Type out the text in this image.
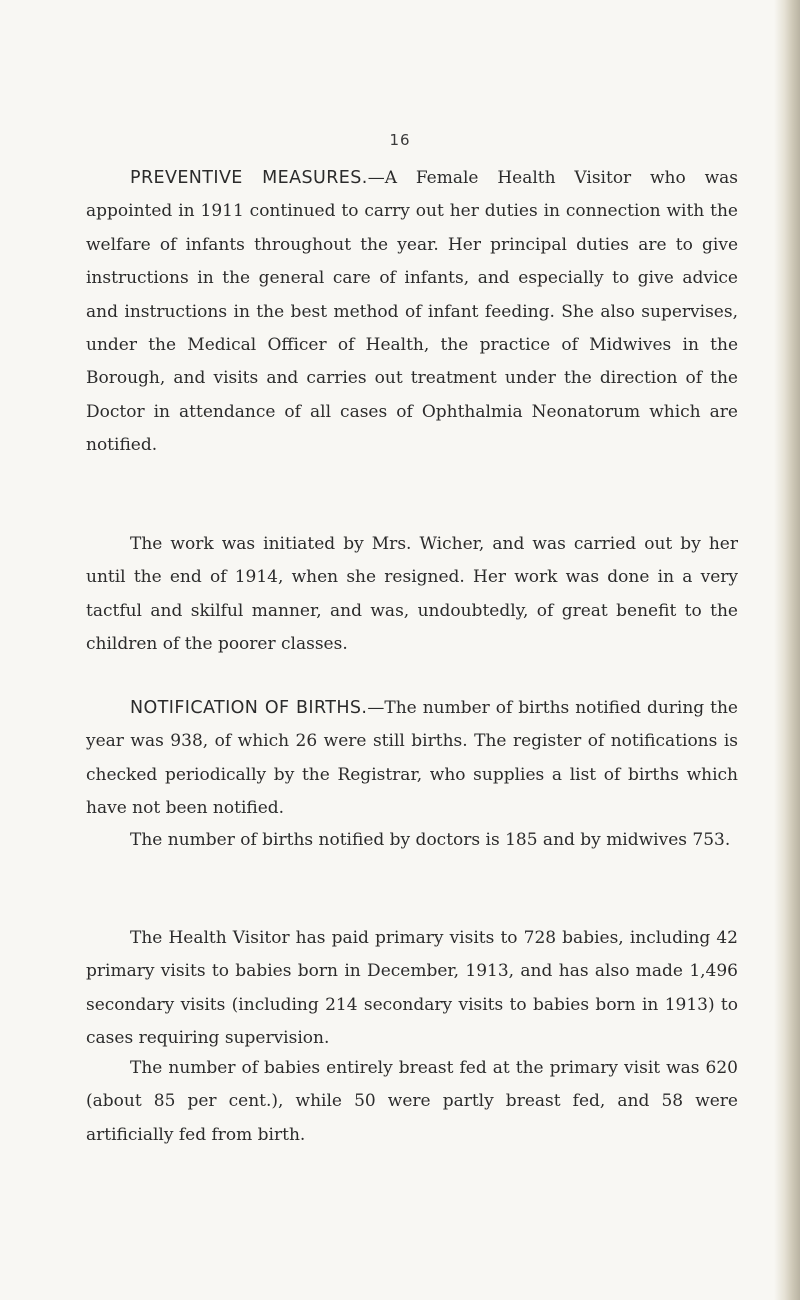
16

PREVENTIVE MEASURES.—A Female Health Visitor who was appointed in 1911 continued to carry out her duties in connection with the welfare of infants throughout the year. Her principal duties are to give instructions in the general care of infants, and especially to give advice and instructions in the best method of infant feeding. She also supervises, under the Medical Officer of Health, the practice of Midwives in the Borough, and visits and carries out treatment under the direction of the Doctor in attendance of all cases of Ophthalmia Neonatorum which are notified.

The work was initiated by Mrs. Wicher, and was carried out by her until the end of 1914, when she resigned. Her work was done in a very tactful and skilful manner, and was, undoubtedly, of great benefit to the children of the poorer classes.

NOTIFICATION OF BIRTHS.—The number of births notified during the year was 938, of which 26 were still births. The register of notifications is checked periodically by the Registrar, who supplies a list of births which have not been notified.

The number of births notified by doctors is 185 and by midwives 753.

The Health Visitor has paid primary visits to 728 babies, including 42 primary visits to babies born in December, 1913, and has also made 1,496 secondary visits (including 214 secondary visits to babies born in 1913) to cases requiring supervision.

The number of babies entirely breast fed at the primary visit was 620 (about 85 per cent.), while 50 were partly breast fed, and 58 were artificially fed from birth.
